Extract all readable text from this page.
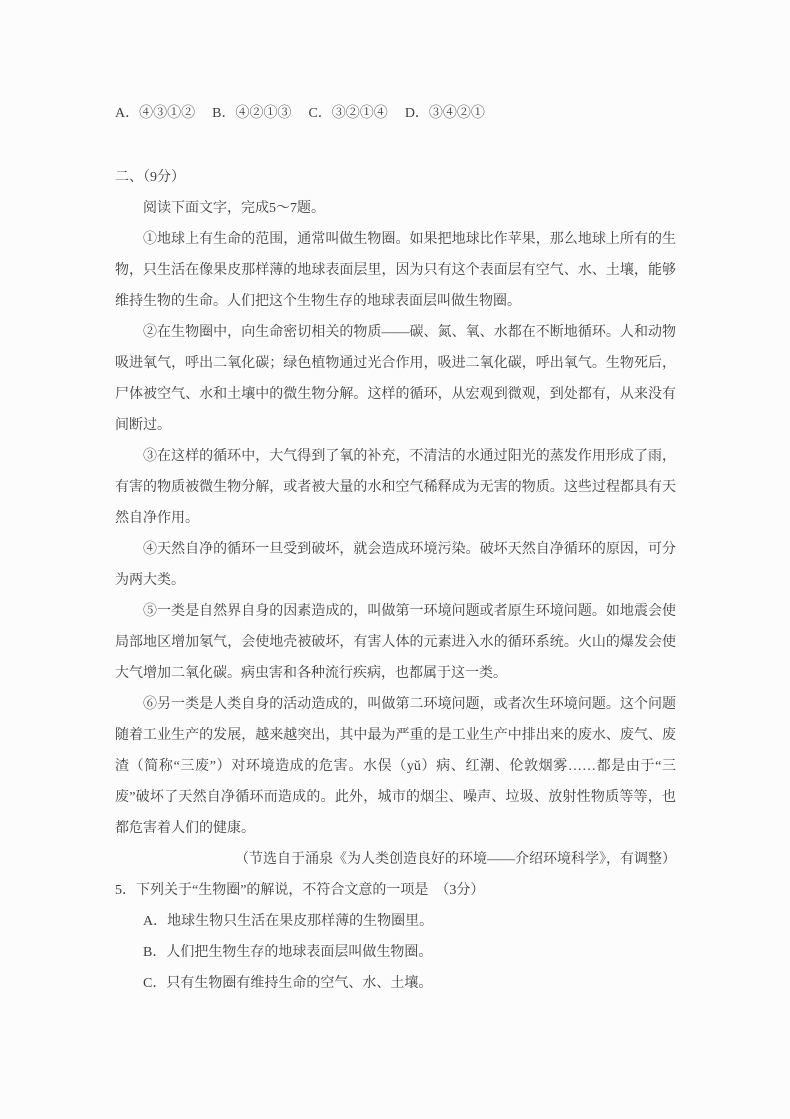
A．④③①② B．④②①③ C．③②①④ D．③④②①
二、（9分）
阅读下面文字，完成5～7题。

①地球上有生命的范围，通常叫做生物圈。如果把地球比作苹果，那么地球上所有的生物，只生活在像果皮那样薄的地球表面层里，因为只有这个表面层有空气、水、土壤，能够维持生物的生命。人们把这个生物生存的地球表面层叫做生物圈。

②在生物圈中，向生命密切相关的物质——碳、氮、氧、水都在不断地循环。人和动物吸进氧气，呼出二氧化碳；绿色植物通过光合作用，吸进二氧化碳，呼出氧气。生物死后，尸体被空气、水和土壤中的微生物分解。这样的循环，从宏观到微观，到处都有，从来没有间断过。

③在这样的循环中，大气得到了氧的补充，不清洁的水通过阳光的蒸发作用形成了雨，有害的物质被微生物分解，或者被大量的水和空气稀释成为无害的物质。这些过程都具有天然自净作用。

④天然自净的循环一旦受到破坏，就会造成环境污染。破坏天然自净循环的原因，可分为两大类。

⑤一类是自然界自身的因素造成的，叫做第一环境问题或者原生环境问题。如地震会使局部地区增加氡气，会使地壳被破坏，有害人体的元素进入水的循环系统。火山的爆发会使大气增加二氧化碳。病虫害和各种流行疾病，也都属于这一类。

⑥另一类是人类自身的活动造成的，叫做第二环境问题，或者次生环境问题。这个问题随着工业生产的发展，越来越突出，其中最为严重的是工业生产中排出来的废水、废气、废渣（简称“三废”）对环境造成的危害。水俣（yǔ）病、红潮、伦敦烟雾……都是由于“三废”破坏了天然自净循环而造成的。此外，城市的烟尘、噪声、垃圾、放射性物质等等，也都危害着人们的健康。

（节选自于涌泉《为人类创造良好的环境——介绍环境科学》，有调整）
5．下列关于“生物圈”的解说，不符合文意的一项是　（3分）
A．地球生物只生活在果皮那样薄的生物圈里。
B．人们把生物生存的地球表面层叫做生物圈。
C．只有生物圈有维持生命的空气、水、土壤。
